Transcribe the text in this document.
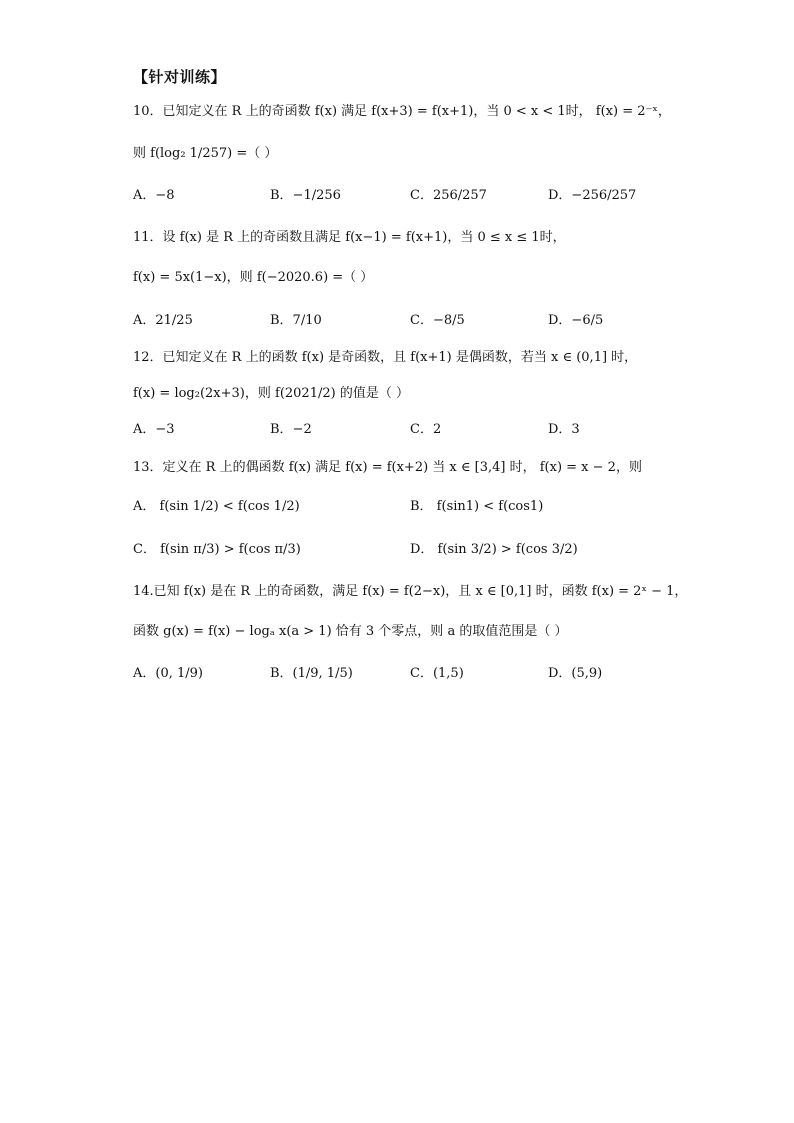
【针对训练】
10．已知定义在 R 上的奇函数 f(x) 满足 f(x+3) = f(x+1)，当 0 < x < 1时， f(x) = 2⁻ˣ，
则 f(log₂ 1/257) =（ ）
A．−8	B．−1/256	C．256/257	D．−256/257
11．设 f(x) 是 R 上的奇函数且满足 f(x−1) = f(x+1)，当 0 ≤ x ≤ 1时，
f(x) = 5x(1−x)，则 f(−2020.6) =（ ）
A．21/25	B．7/10	C．−8/5	D．−6/5
12．已知定义在 R 上的函数 f(x) 是奇函数，且 f(x+1) 是偶函数，若当 x ∈ (0,1] 时，
f(x) = log₂(2x+3)，则 f(2021/2) 的值是（ ）
A．−3	B．−2	C．2	D．3
13．定义在 R 上的偶函数 f(x) 满足 f(x) = f(x+2) 当 x ∈ [3,4] 时， f(x) = x − 2，则
A． f(sin 1/2) < f(cos 1/2)	B． f(sin1) < f(cos1)
C． f(sin π/3) > f(cos π/3)	D． f(sin 3/2) > f(cos 3/2)
14.已知 f(x) 是在 R 上的奇函数，满足 f(x) = f(2−x)，且 x ∈ [0,1] 时，函数 f(x) = 2ˣ − 1，
函数 g(x) = f(x) − logₐ x(a > 1) 恰有 3 个零点，则 a 的取值范围是（ ）
A．(0, 1/9)	B．(1/9, 1/5)	C．(1,5)	D．(5,9)
